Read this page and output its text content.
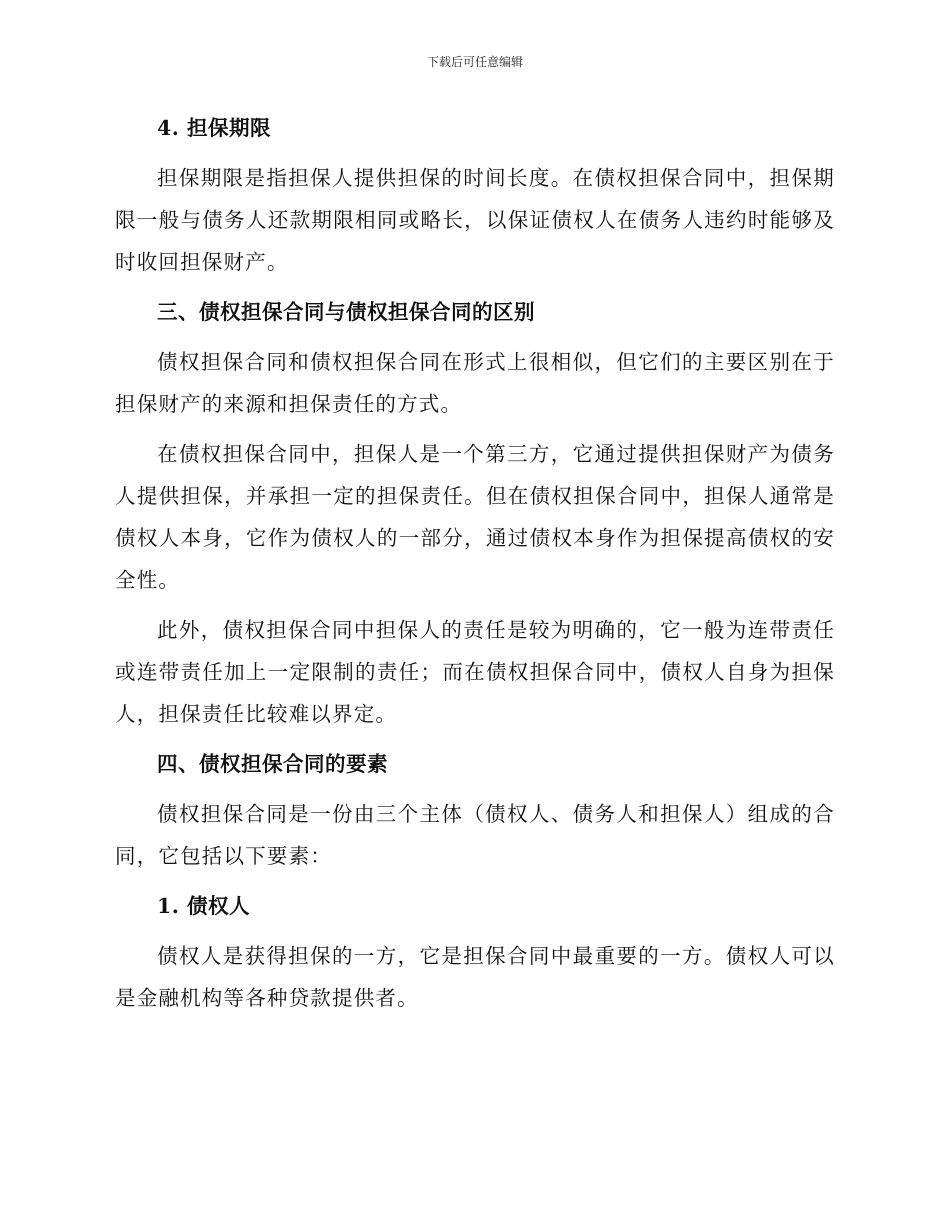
下载后可任意编辑
4. 担保期限

担保期限是指担保人提供担保的时间长度。在债权担保合同中，担保期限一般与债务人还款期限相同或略长，以保证债权人在债务人违约时能够及时收回担保财产。

三、债权担保合同与债权担保合同的区别

债权担保合同和债权担保合同在形式上很相似，但它们的主要区别在于担保财产的来源和担保责任的方式。

在债权担保合同中，担保人是一个第三方，它通过提供担保财产为债务人提供担保，并承担一定的担保责任。但在债权担保合同中，担保人通常是债权人本身，它作为债权人的一部分，通过债权本身作为担保提高债权的安全性。

此外，债权担保合同中担保人的责任是较为明确的，它一般为连带责任或连带责任加上一定限制的责任；而在债权担保合同中，债权人自身为担保人，担保责任比较难以界定。

四、债权担保合同的要素

债权担保合同是一份由三个主体（债权人、债务人和担保人）组成的合同，它包括以下要素：

1. 债权人

债权人是获得担保的一方，它是担保合同中最重要的一方。债权人可以是金融机构等各种贷款提供者。
